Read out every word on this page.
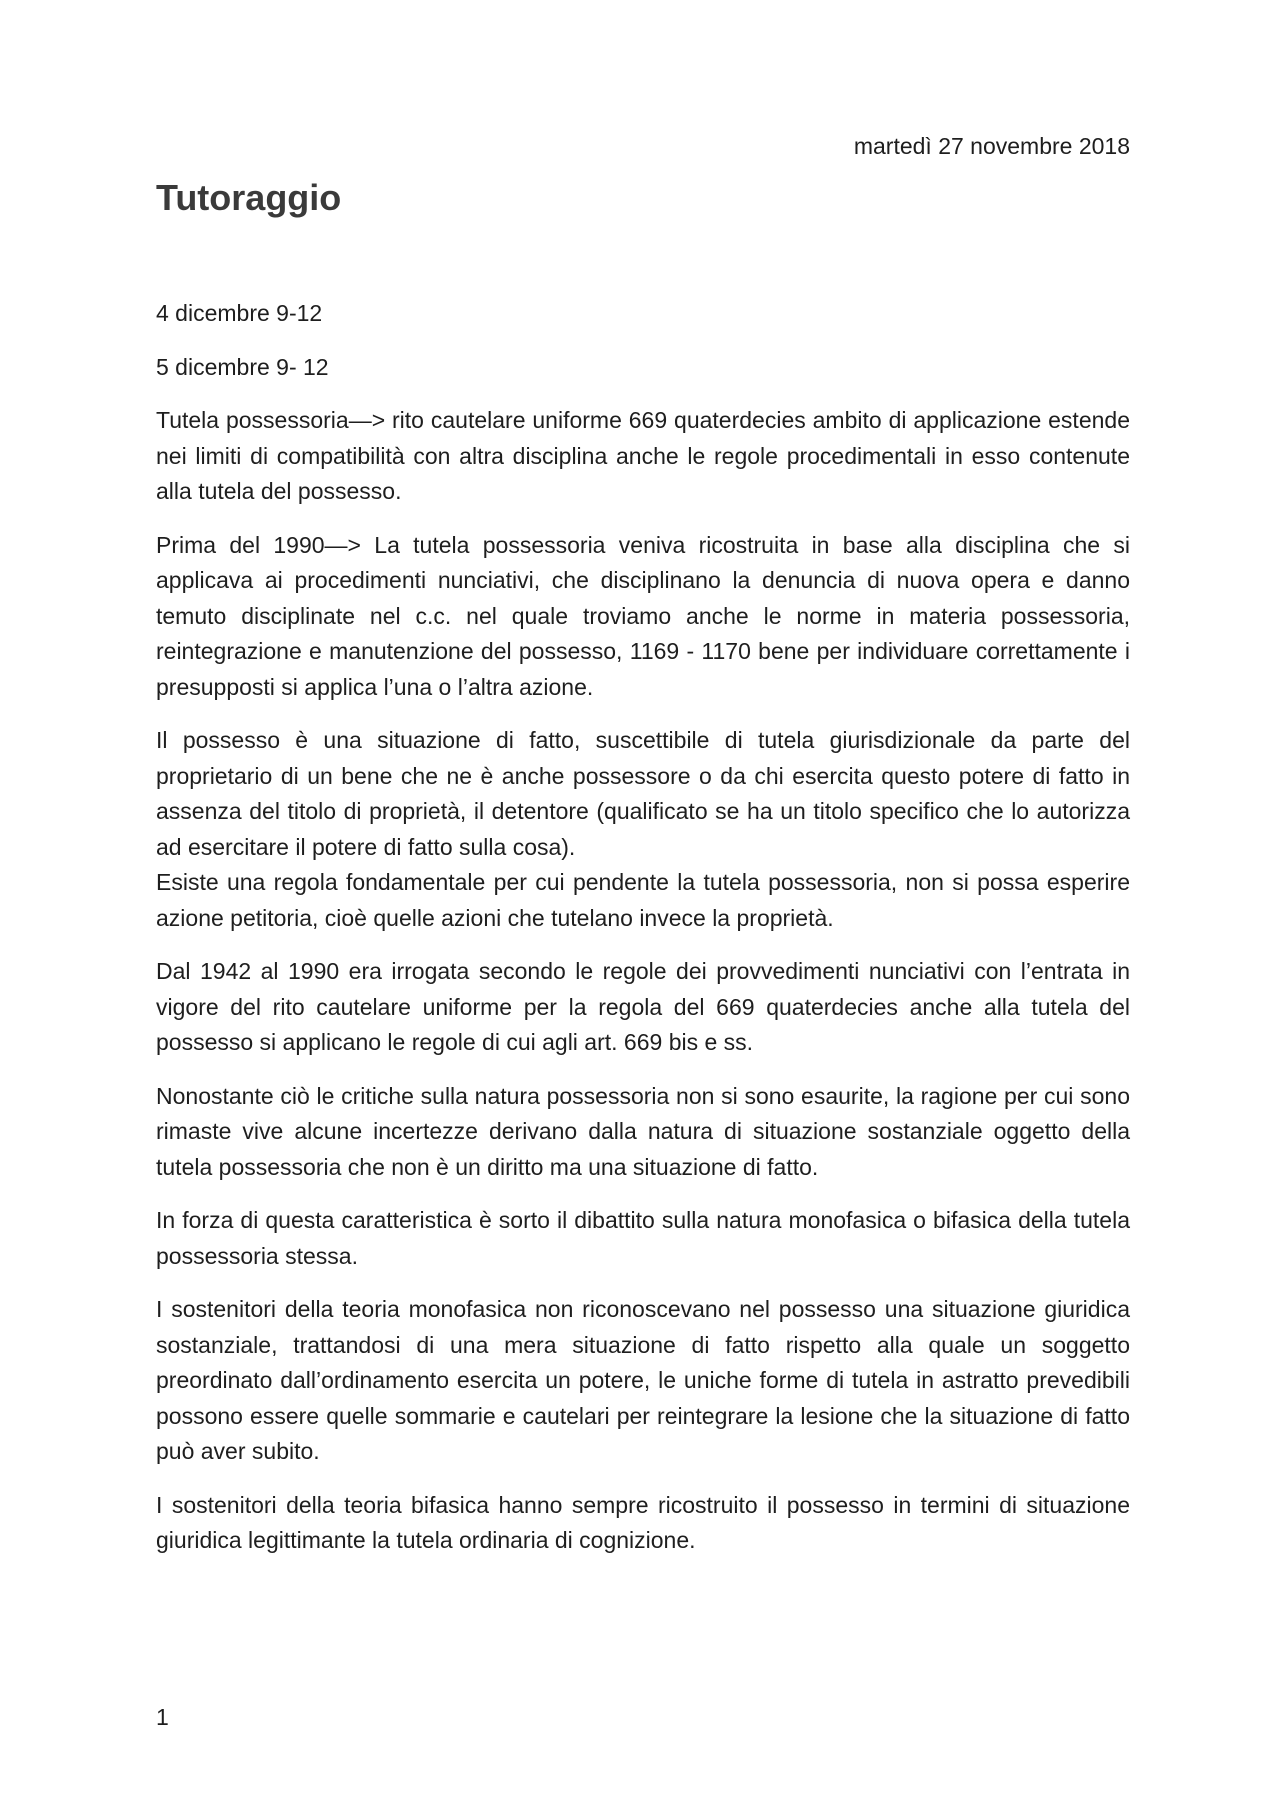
martedì 27 novembre 2018
Tutoraggio

4 dicembre 9-12

5 dicembre 9- 12

Tutela possessoria—> rito cautelare uniforme 669 quaterdecies ambito di applicazione estende nei limiti di compatibilità con altra disciplina anche le regole procedimentali in esso contenute alla tutela del possesso.

Prima del 1990—> La tutela possessoria veniva ricostruita in base alla disciplina che si applicava ai procedimenti nunciativi, che disciplinano la denuncia di nuova opera e danno temuto disciplinate nel c.c. nel quale troviamo anche le norme in materia possessoria, reintegrazione e manutenzione del possesso, 1169 - 1170 bene per individuare correttamente i presupposti si applica l’una o l’altra azione.

Il possesso è una situazione di fatto, suscettibile di tutela giurisdizionale da parte del proprietario di un bene che ne è anche possessore o da chi esercita questo potere di fatto in assenza del titolo di proprietà, il detentore (qualificato se ha un titolo specifico che lo autorizza ad esercitare il potere di fatto sulla cosa).

Esiste una regola fondamentale per cui pendente la tutela possessoria, non si possa esperire azione petitoria, cioè quelle azioni che tutelano invece la proprietà.

Dal 1942 al 1990 era irrogata secondo le regole dei provvedimenti nunciativi con l’entrata in vigore del rito cautelare uniforme per la regola del 669 quaterdecies anche alla tutela del possesso si applicano le regole di cui agli art. 669 bis e ss.

Nonostante ciò le critiche sulla natura possessoria non si sono esaurite, la ragione per cui sono rimaste vive alcune incertezze derivano dalla natura di situazione sostanziale oggetto della tutela possessoria che non è un diritto ma una situazione di fatto.

In forza di questa caratteristica è sorto il dibattito sulla natura monofasica o bifasica della tutela possessoria stessa.

I sostenitori della teoria monofasica non riconoscevano nel possesso una situazione giuridica sostanziale, trattandosi di una mera situazione di fatto rispetto alla quale un soggetto preordinato dall’ordinamento esercita un potere, le uniche forme di tutela in astratto prevedibili possono essere quelle sommarie e cautelari per reintegrare la lesione che la situazione di fatto può aver subito.

I sostenitori della teoria bifasica hanno sempre ricostruito il possesso in termini di situazione giuridica legittimante la tutela ordinaria di cognizione.

1
